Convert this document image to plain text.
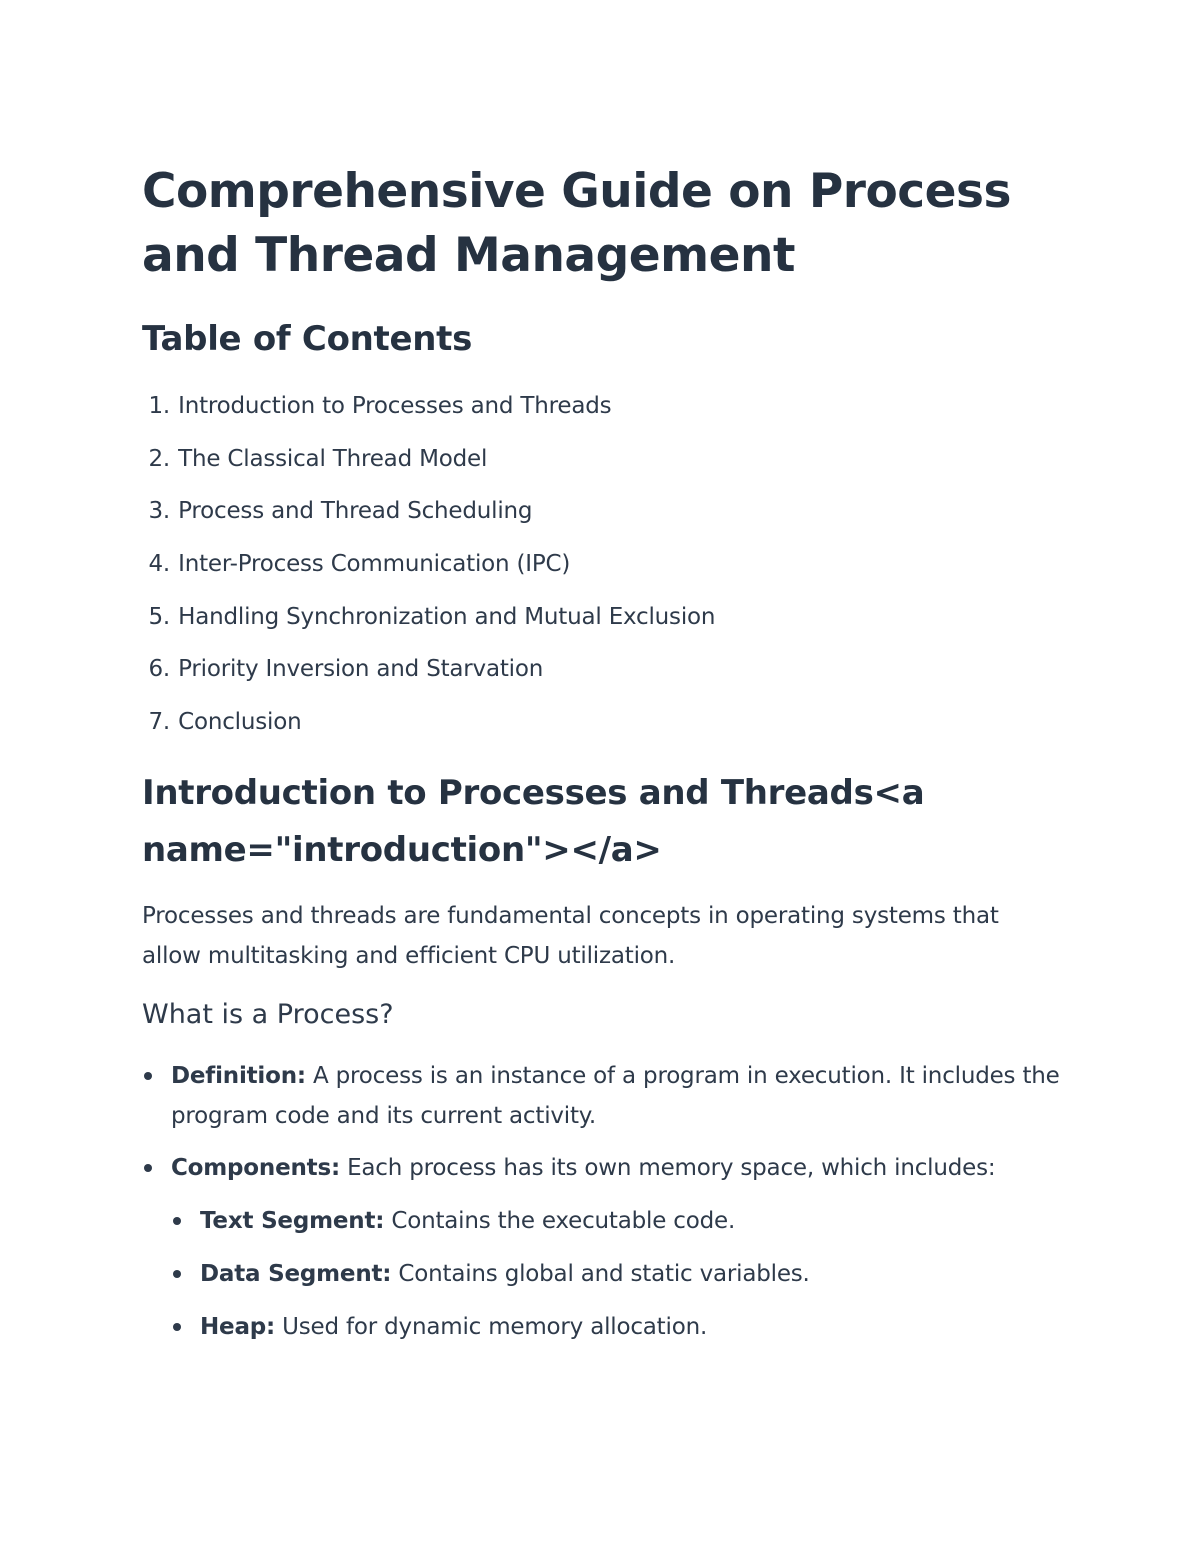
Comprehensive Guide on Process and Thread Management
Table of Contents
1. Introduction to Processes and Threads
2. The Classical Thread Model
3. Process and Thread Scheduling
4. Inter-Process Communication (IPC)
5. Handling Synchronization and Mutual Exclusion
6. Priority Inversion and Starvation
7. Conclusion
Introduction to Processes and Threads<a name="introduction"></a>

Processes and threads are fundamental concepts in operating systems that allow multitasking and efficient CPU utilization.

What is a Process?
Definition: A process is an instance of a program in execution. It includes the program code and its current activity.
Components: Each process has its own memory space, which includes:
Text Segment: Contains the executable code.
Data Segment: Contains global and static variables.
Heap: Used for dynamic memory allocation.
